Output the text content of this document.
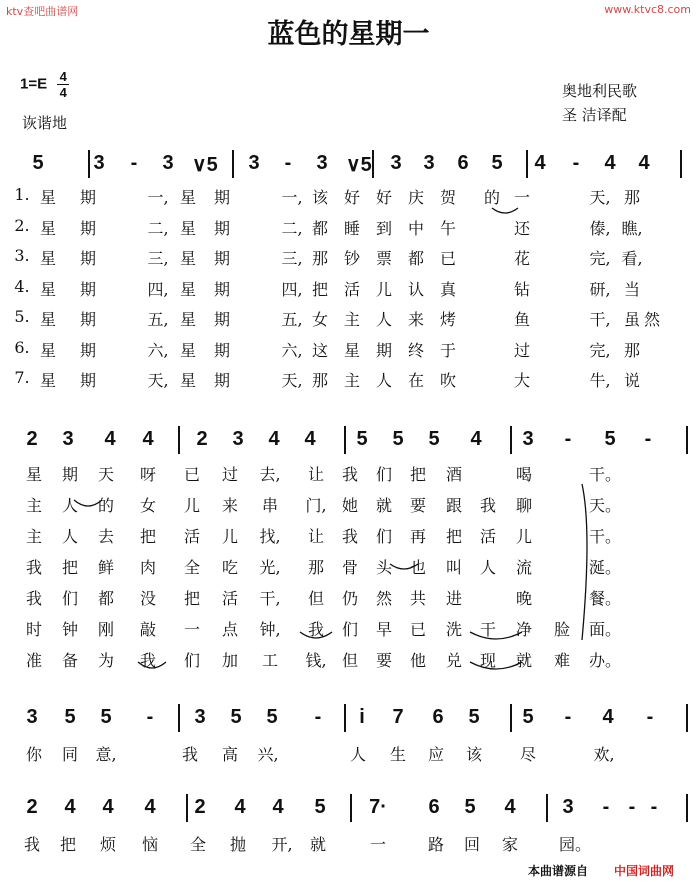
ktv查吧曲谱网	www.ktvc8.com
蓝色的星期一
$1=E \frac{4}{4}$
诙谐地
奥地利民歌
圣 洁译配
5 3	-	3 ∨5 3	-	3 ∨5 3 3 6 5 4	-	4 4
1. 星 期	一, 星 期	一, 该 好 好 庆 贺 的 一	天, 那
2. 星 期	二, 星 期	二, 都 睡 到 中 午	还	傣, 瞧,
3. 星 期	三, 星 期	三, 那 钞 票 都 已	花	完, 看,
4. 星 期	四, 星 期	四, 把 活 儿 认 真	钻	研, 当
5. 星 期	五, 星 期	五, 女 主 人 来 烤	鱼	干, 虽 然
6. 星 期	六, 星 期	六, 这 星 期 终 于	过	完, 那
7. 星 期	天, 星 期	天, 那 主 人 在 吹	大	牛, 说
2 3 4 4 2 3 4 4 5 5 5 4 3	-	5	-
星 期 天 呀 已 过 去, 让 我 们 把 酒	喝	干。
主 人 的 女 儿 来 串 门, 她 就 要 跟 我 聊	天。
主 人 去 把 活 儿 找, 让 我 们 再 把 活 儿	干。
我 把 鲜 肉 全 吃 光, 那 骨 头 也 叫 人 流	涎。
我 们 都 没 把 活 干, 但 仍 然 共 进	晚	餐。
时 钟 刚 敲 一 点 钟, 我 们 早 已 洗 干 净 脸 面。
准 备 为 我 们 加 工 钱, 但 要 他 兑 现 就 难 办。
3 5 5	-	3 5 5	-	i	7 6 5 5	-	4	-
你 同 意,	我 高 兴,	人 生 应 该 尽	欢,
2 4 4 4 2 4 4 5 7· 6 5 4 3	- - -
我 把 烦 恼 全 抛 开, 就	一	路 回 家	园。
本曲谱源自 中国词曲网
